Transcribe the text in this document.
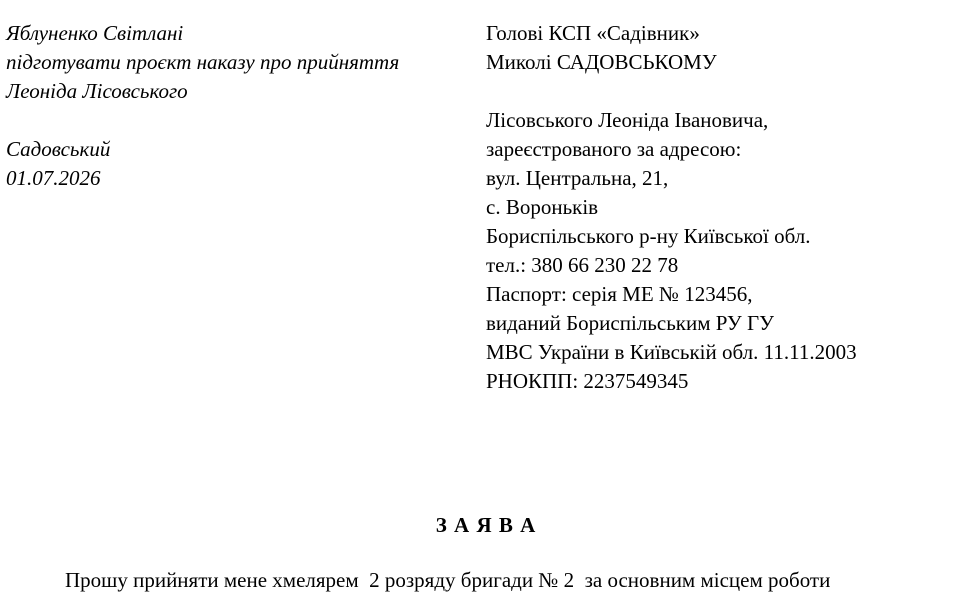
Яблуненко Світлані
підготувати проєкт наказу про прийняття
Леоніда Лісовського
Садовський
01.07.2026
Голові КСП «Садівник»
Миколі САДОВСЬКОМУ
Лісовського Леоніда Івановича,
зареєстрованого за адресою:
вул. Центральна, 21,
с. Вороньків
Бориспільського р-ну Київської обл.
тел.: 380 66 230 22 78
Паспорт: серія МЕ № 123456,
виданий Бориспільським РУ ГУ
МВС України в Київській обл. 11.11.2003
РНОКПП: 2237549345
З А Я В А
Прошу прийняти мене хмелярем  2 розряду бригади № 2  за основним місцем роботи
